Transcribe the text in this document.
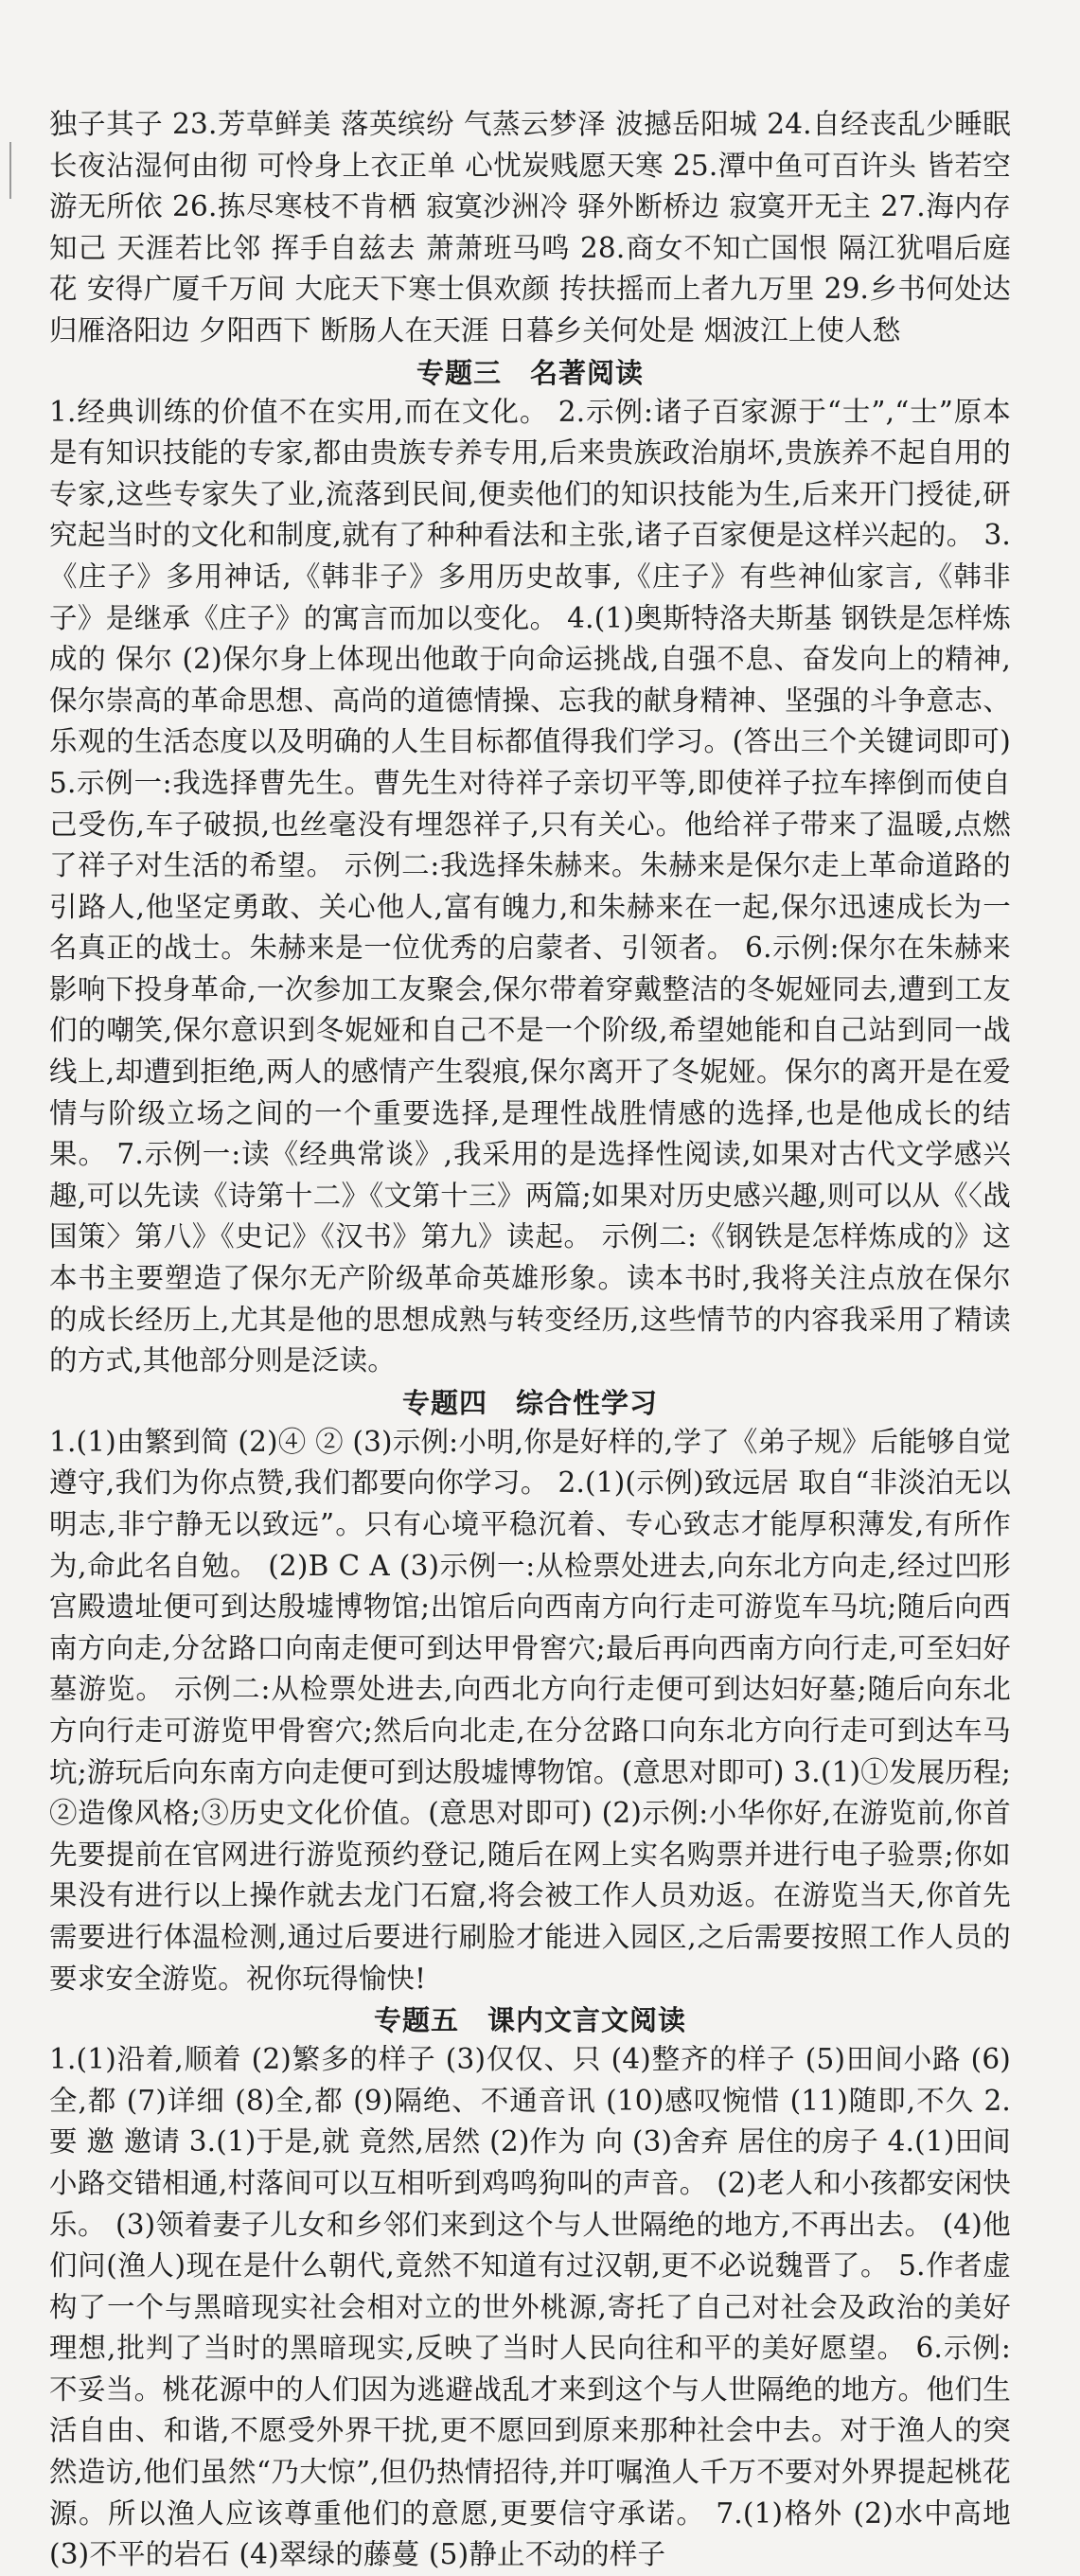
独子其子 23.芳草鲜美 落英缤纷 气蒸云梦泽 波撼岳阳城 24.自经丧乱少睡眠 长夜沾湿何由彻 可怜身上衣正单 心忧炭贱愿天寒 25.潭中鱼可百许头 皆若空游无所依 26.拣尽寒枝不肯栖 寂寞沙洲冷 驿外断桥边 寂寞开无主 27.海内存知己 天涯若比邻 挥手自兹去 萧萧班马鸣 28.商女不知亡国恨 隔江犹唱后庭花 安得广厦千万间 大庇天下寒士俱欢颜 抟扶摇而上者九万里 29.乡书何处达 归雁洛阳边 夕阳西下 断肠人在天涯 日暮乡关何处是 烟波江上使人愁

专题三　名著阅读

1.经典训练的价值不在实用,而在文化。 2.示例:诸子百家源于“士”,“士”原本是有知识技能的专家,都由贵族专养专用,后来贵族政治崩坏,贵族养不起自用的专家,这些专家失了业,流落到民间,便卖他们的知识技能为生,后来开门授徒,研究起当时的文化和制度,就有了种种看法和主张,诸子百家便是这样兴起的。 3.《庄子》多用神话,《韩非子》多用历史故事,《庄子》有些神仙家言,《韩非子》是继承《庄子》的寓言而加以变化。 4.(1)奥斯特洛夫斯基 钢铁是怎样炼成的 保尔 (2)保尔身上体现出他敢于向命运挑战,自强不息、奋发向上的精神,保尔崇高的革命思想、高尚的道德情操、忘我的献身精神、坚强的斗争意志、乐观的生活态度以及明确的人生目标都值得我们学习。(答出三个关键词即可) 5.示例一:我选择曹先生。曹先生对待祥子亲切平等,即使祥子拉车摔倒而使自己受伤,车子破损,也丝毫没有埋怨祥子,只有关心。他给祥子带来了温暖,点燃了祥子对生活的希望。 示例二:我选择朱赫来。朱赫来是保尔走上革命道路的引路人,他坚定勇敢、关心他人,富有魄力,和朱赫来在一起,保尔迅速成长为一名真正的战士。朱赫来是一位优秀的启蒙者、引领者。 6.示例:保尔在朱赫来影响下投身革命,一次参加工友聚会,保尔带着穿戴整洁的冬妮娅同去,遭到工友们的嘲笑,保尔意识到冬妮娅和自己不是一个阶级,希望她能和自己站到同一战线上,却遭到拒绝,两人的感情产生裂痕,保尔离开了冬妮娅。保尔的离开是在爱情与阶级立场之间的一个重要选择,是理性战胜情感的选择,也是他成长的结果。 7.示例一:读《经典常谈》,我采用的是选择性阅读,如果对古代文学感兴趣,可以先读《诗第十二》《文第十三》两篇;如果对历史感兴趣,则可以从《〈战国策〉第八》《史记》《汉书》第九》读起。 示例二:《钢铁是怎样炼成的》这本书主要塑造了保尔无产阶级革命英雄形象。读本书时,我将关注点放在保尔的成长经历上,尤其是他的思想成熟与转变经历,这些情节的内容我采用了精读的方式,其他部分则是泛读。

专题四　综合性学习

1.(1)由繁到简 (2)④ ② (3)示例:小明,你是好样的,学了《弟子规》后能够自觉遵守,我们为你点赞,我们都要向你学习。 2.(1)(示例)致远居 取自“非淡泊无以明志,非宁静无以致远”。只有心境平稳沉着、专心致志才能厚积薄发,有所作为,命此名自勉。 (2)B C A (3)示例一:从检票处进去,向东北方向走,经过凹形宫殿遗址便可到达殷墟博物馆;出馆后向西南方向行走可游览车马坑;随后向西南方向走,分岔路口向南走便可到达甲骨窖穴;最后再向西南方向行走,可至妇好墓游览。 示例二:从检票处进去,向西北方向行走便可到达妇好墓;随后向东北方向行走可游览甲骨窖穴;然后向北走,在分岔路口向东北方向行走可到达车马坑;游玩后向东南方向走便可到达殷墟博物馆。(意思对即可) 3.(1)①发展历程;②造像风格;③历史文化价值。(意思对即可) (2)示例:小华你好,在游览前,你首先要提前在官网进行游览预约登记,随后在网上实名购票并进行电子验票;你如果没有进行以上操作就去龙门石窟,将会被工作人员劝返。在游览当天,你首先需要进行体温检测,通过后要进行刷脸才能进入园区,之后需要按照工作人员的要求安全游览。祝你玩得愉快!

专题五　课内文言文阅读

1.(1)沿着,顺着 (2)繁多的样子 (3)仅仅、只 (4)整齐的样子 (5)田间小路 (6)全,都 (7)详细 (8)全,都 (9)隔绝、不通音讯 (10)感叹惋惜 (11)随即,不久 2.要 邀 邀请 3.(1)于是,就 竟然,居然 (2)作为 向 (3)舍弃 居住的房子 4.(1)田间小路交错相通,村落间可以互相听到鸡鸣狗叫的声音。 (2)老人和小孩都安闲快乐。 (3)领着妻子儿女和乡邻们来到这个与人世隔绝的地方,不再出去。 (4)他们问(渔人)现在是什么朝代,竟然不知道有过汉朝,更不必说魏晋了。 5.作者虚构了一个与黑暗现实社会相对立的世外桃源,寄托了自己对社会及政治的美好理想,批判了当时的黑暗现实,反映了当时人民向往和平的美好愿望。 6.示例:不妥当。桃花源中的人们因为逃避战乱才来到这个与人世隔绝的地方。他们生活自由、和谐,不愿受外界干扰,更不愿回到原来那种社会中去。对于渔人的突然造访,他们虽然“乃大惊”,但仍热情招待,并叮嘱渔人千万不要对外界提起桃花源。所以渔人应该尊重他们的意愿,更要信守承诺。 7.(1)格外 (2)水中高地 (3)不平的岩石 (4)翠绿的藤蔓 (5)静止不动的样子
